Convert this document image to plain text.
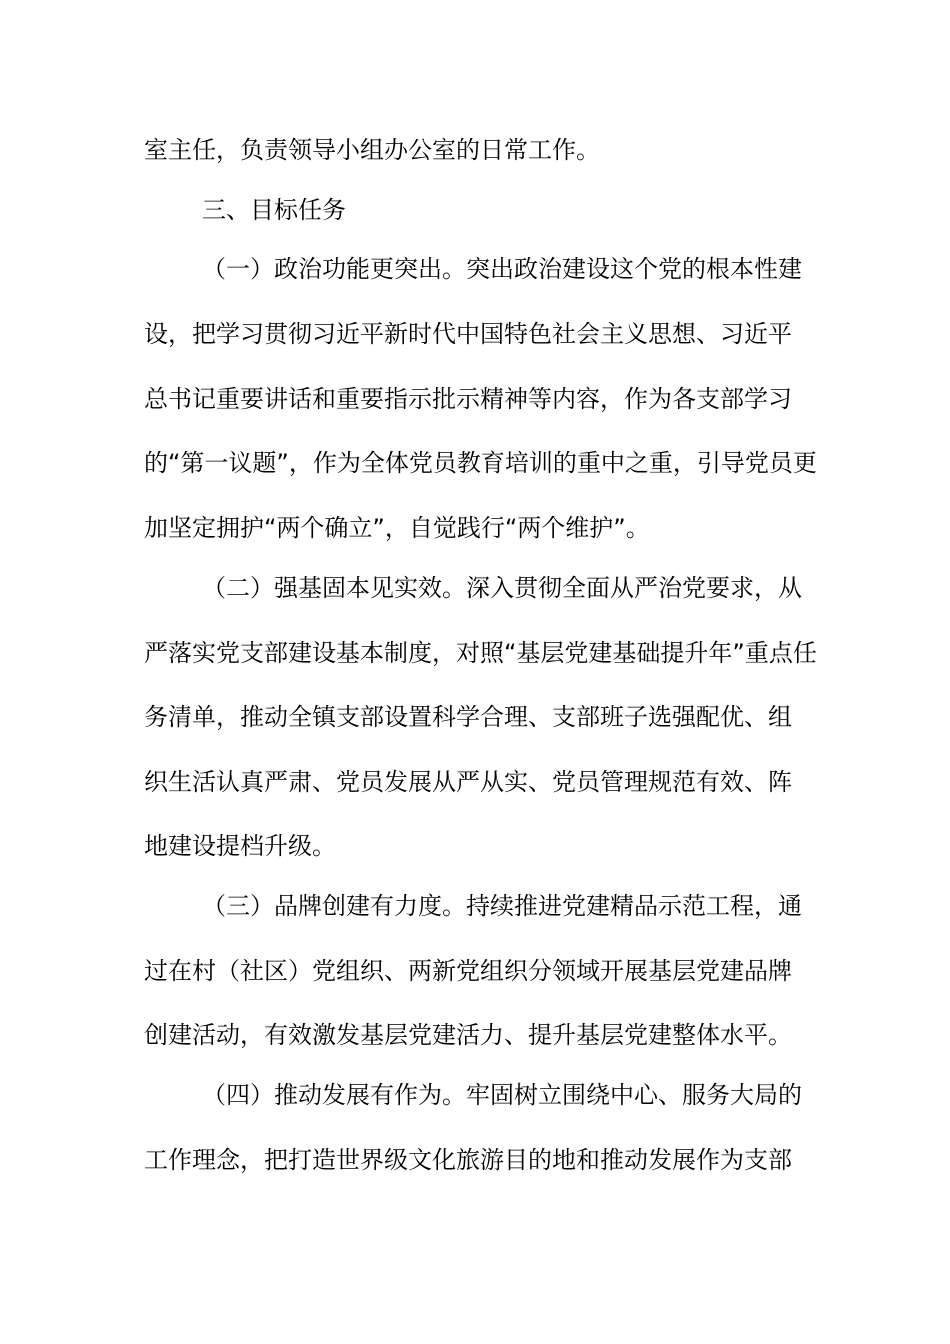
室主任，负责领导小组办公室的日常工作。
三、目标任务
（一）政治功能更突出。突出政治建设这个党的根本性建
设，把学习贯彻习近平新时代中国特色社会主义思想、习近平
总书记重要讲话和重要指示批示精神等内容，作为各支部学习
的“第一议题”，作为全体党员教育培训的重中之重，引导党员更
加坚定拥护“两个确立”，自觉践行“两个维护”。
（二）强基固本见实效。深入贯彻全面从严治党要求，从
严落实党支部建设基本制度，对照“基层党建基础提升年”重点任
务清单，推动全镇支部设置科学合理、支部班子选强配优、组
织生活认真严肃、党员发展从严从实、党员管理规范有效、阵
地建设提档升级。
（三）品牌创建有力度。持续推进党建精品示范工程，通
过在村（社区）党组织、两新党组织分领域开展基层党建品牌
创建活动，有效激发基层党建活力、提升基层党建整体水平。
（四）推动发展有作为。牢固树立围绕中心、服务大局的
工作理念，把打造世界级文化旅游目的地和推动发展作为支部
